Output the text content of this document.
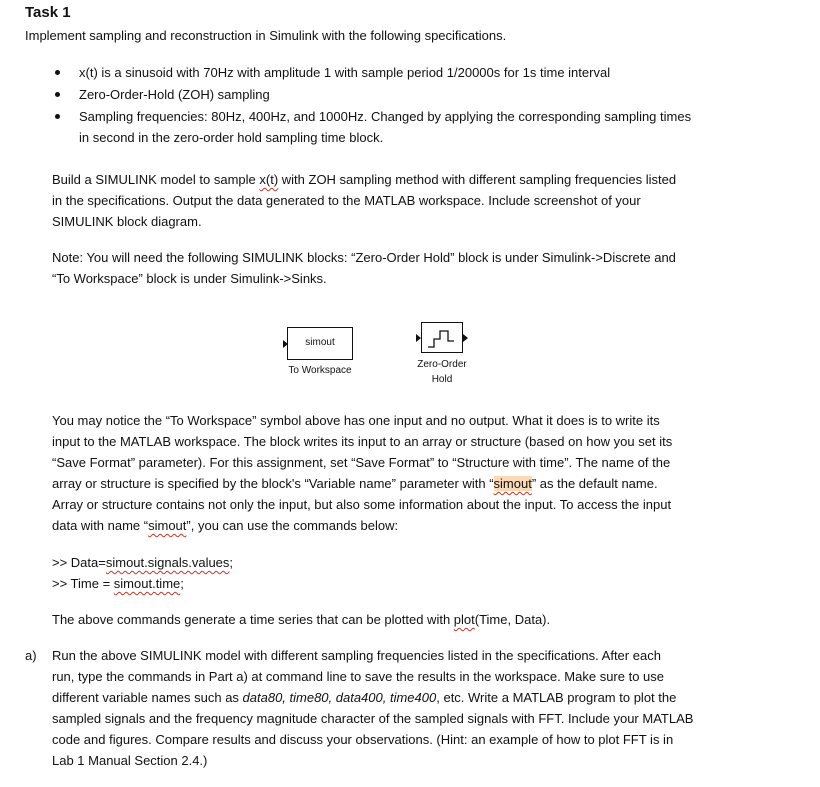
Task 1
Implement sampling and reconstruction in Simulink with the following specifications.
x(t) is a sinusoid with 70Hz with amplitude 1 with sample period 1/20000s for 1s time interval
Zero-Order-Hold (ZOH) sampling
Sampling frequencies: 80Hz, 400Hz, and 1000Hz. Changed by applying the corresponding sampling times
in second in the zero-order hold sampling time block.
Build a SIMULINK model to sample x(t) with ZOH sampling method with different sampling frequencies listed
in the specifications. Output the data generated to the MATLAB workspace. Include screenshot of your
SIMULINK block diagram.
Note: You will need the following SIMULINK blocks: “Zero-Order Hold” block is under Simulink->Discrete and
“To Workspace” block is under Simulink->Sinks.
simout
To Workspace
Zero-Order
Hold
You may notice the “To Workspace” symbol above has one input and no output. What it does is to write its
input to the MATLAB workspace. The block writes its input to an array or structure (based on how you set its
“Save Format” parameter). For this assignment, set “Save Format” to “Structure with time”. The name of the
array or structure is specified by the block's “Variable name” parameter with “simout” as the default name.
Array or structure contains not only the input, but also some information about the input. To access the input
data with name “simout”, you can use the commands below:
>> Data=simout.signals.values;
>> Time = simout.time;
The above commands generate a time series that can be plotted with plot(Time, Data).
a) Run the above SIMULINK model with different sampling frequencies listed in the specifications. After each
run, type the commands in Part a) at command line to save the results in the workspace. Make sure to use
different variable names such as data80, time80, data400, time400, etc. Write a MATLAB program to plot the
sampled signals and the frequency magnitude character of the sampled signals with FFT. Include your MATLAB
code and figures. Compare results and discuss your observations. (Hint: an example of how to plot FFT is in
Lab 1 Manual Section 2.4.)
